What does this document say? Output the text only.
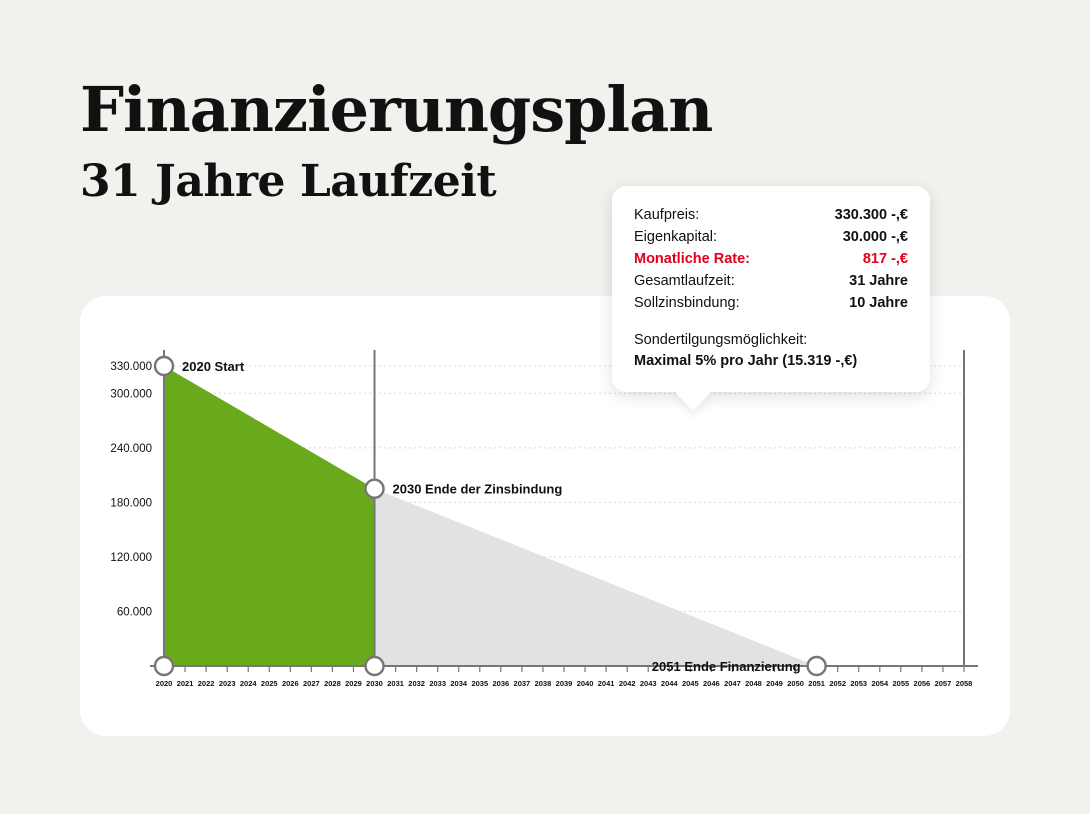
Finanzierungsplan
31 Jahre Laufzeit
60.000
120.000
180.000
240.000
300.000
330.000
2020 2021 2022 2023 2024 2025 2026 2027 2028 2029 2030 2031 2032 2033 2034 2035 2036 2037 2038 2039 2040 2041 2042 2043 2044 2045 2046 2047 2048 2049 2050 2051 2052 2053 2054 2055 2056 2057 2058
2020 Start
2030 Ende der Zinsbindung
2051 Ende Finanzierung
Kaufpreis:	330.300 -,€
Eigenkapital:	30.000 -,€
Monatliche Rate:	817 -,€
Gesamtlaufzeit:	31 Jahre
Sollzinsbindung:	10 Jahre
Sondertilgungsmöglichkeit:
Maximal 5% pro Jahr (15.319 -,€)
